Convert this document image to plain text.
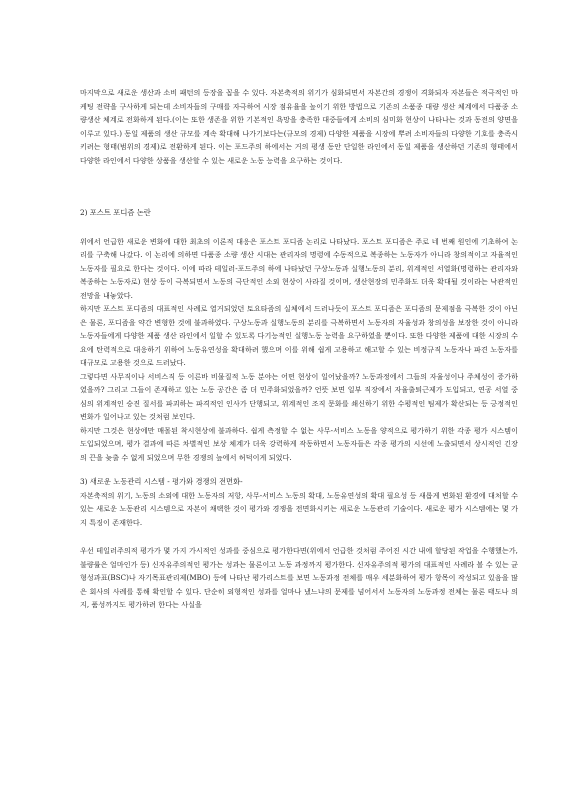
마지막으로 새로운 생산과 소비 패턴의 등장을 꼽을 수 있다. 자본축적의 위기가 심화되면서 자본간의 경쟁이 격화되자 자본들은 적극적인 마케팅 전략을 구사하게 되는데 소비자들의 구매를 자극하여 시장 점유율을 높이기 위한 방법으로 기존의 소품종 대량 생산 체계에서 다품종 소량생산 체계로 전화하게 된다.(이는 또한 생존을 위한 기본적인 욕망을 충족한 대중들에게 소비의 심미화 현상이 나타나는 것과 동전의 양면을 이루고 있다.) 동일 제품의 생산 규모를 계속 확대해 나가기보다는(규모의 경제) 다양한 제품을 시장에 뿌려 소비자들의 다양한 기호를 충족시키려는 형태(범위의 경제)로 전환하게 된다. 이는 포드주의 하에서는 거의 평생 동안 단일한 라인에서 동일 제품을 생산하던 기존의 형태에서 다양한 라인에서 다양한 상품을 생산할 수 있는 새로운 노동 능력을 요구하는 것이다.

2) 포스트 포디즘 논란

위에서 언급한 새로운 변화에 대한 최초의 이론적 대응은 포스트 포디즘 논리로 나타났다. 포스트 포디즘은 주로 네 번째 원인에 기초하여 논리를 구축해 나갔다. 이 논리에 의하면 다품종 소량 생산 시대는 관리자의 명령에 수동적으로 복종하는 노동자가 아니라 창의적이고 자율적인 노동자를 필요로 한다는 것이다. 이에 따라 테일러-포드주의 하에 나타났던 구상노동과 실행노동의 분리, 위계적인 서열화(명령하는 관리자와 복종하는 노동자로) 현상 등이 극복되면서 노동의 극단적인 소외 현상이 사라질 것이며, 생산현장의 민주화도 더욱 확대될 것이라는 낙관적인 전망을 내놓았다.

하지만 포스트 포디즘의 대표적인 사례로 열거되었던 토요타즘의 실체에서 드러나듯이 포스트 포디즘은 포디즘의 문제점을 극복한 것이 아닌은 물론, 포디즘을 약간 변형한 것에 불과하였다. 구상노동과 실행노동의 분리를 극복하면서 노동자의 자율성과 창의성을 보장한 것이 아니라 노동자들에게 다양한 제품 생산 라인에서 일할 수 있도록 다기능적인 실행노동 능력을 요구하였을 뿐이다. 또한 다양한 제품에 대한 시장의 수요에 탄력적으로 대응하기 위하여 노동유연성을 확대하려 했으며 이를 위해 쉽게 고용하고 해고할 수 있는 비정규직 노동자나 파견 노동자를 대규모로 고용한 것으로 드러났다.

그렇다면 사무직이나 서비스직 등 이른바 비물질적 노동 분야는 어떤 현상이 일어났을까? 노동과정에서 그들의 자율성이나 주체성이 증가하였을까? 그리고 그들이 존재하고 있는 노동 공간은 좀 더 민주화되었을까? 언뜻 보면 일부 직장에서 자율출퇴근제가 도입되고, 연공 서열 중심의 위계적인 승진 질서를 파괴하는 파격적인 인사가 단행되고, 위계적인 조직 문화를 쇄신하기 위한 수평적인 팀제가 확산되는 등 긍정적인 변화가 일어나고 있는 것처럼 보인다.

하지만 그것은 현상에만 매몰된 착시현상에 불과하다. 쉽게 측정할 수 없는 사무-서비스 노동을 양적으로 평가하기 위한 각종 평가 시스템이 도입되었으며, 평가 결과에 따른 차별적인 보상 체계가 더욱 강력하게 작동하면서 노동자들은 각종 평가의 시선에 노출되면서 상시적인 긴장의 끈을 늦출 수 없게 되었으며 무한 경쟁의 늪에서 허덕이게 되었다.

3) 새로운 노동관리 시스템 - 평가와 경쟁의 전면화-

자본축적의 위기, 노동의 소외에 대한 노동자의 저항, 사무-서비스 노동의 확대, 노동유연성의 확대 필요성 등 새롭게 변화된 환경에 대처할 수 있는 새로운 노동관리 시스템으로 자본이 채택한 것이 평가와 경쟁을 전면화시키는 새로운 노동관리 기술이다. 새로운 평가 시스템에는 몇 가지 특징이 존재한다.

우선 테일러주의적 평가가 몇 가지 가시적인 성과를 중심으로 평가한다면(위에서 언급한 것처럼 주어진 시간 내에 할당된 작업을 수행했는가, 불량률은 얼마인가 등) 신자유주의적인 평가는 성과는 물론이고 노동 과정까지 평가한다. 신자유주의적 평가의 대표적인 사례라 볼 수 있는 균형성과표(BSC)나 자기목표관리제(MBO) 등에 나타난 평가리스트를 보면 노동과정 전체를 매우 세분화하여 평가 항목이 작성되고 있음을 많은 회사의 사례를 통해 확인할 수 있다. 단순히 외형적인 성과를 얼마나 냈느냐의 문제를 넘어서서 노동자의 노동과정 전체는 물론 태도나 의지, 품성까지도 평가하려 한다는 사실을
